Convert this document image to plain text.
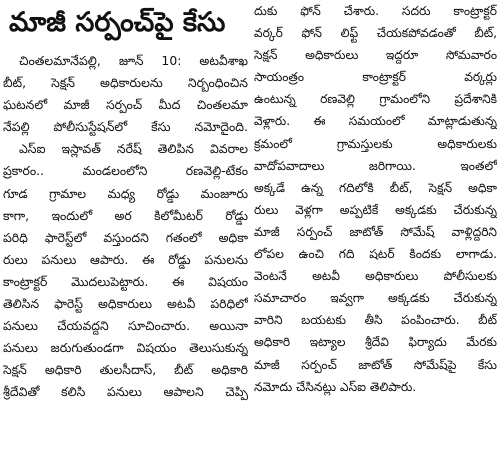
మాజీ సర్పంచ్‌పై కేసు
చింతలమానేపల్లి, జూన్ 10: అటవీశాఖ
బీట్, సెక్షన్ అధికారులను నిర్బంధించిన
ఘటనలో మాజీ సర్పంచ్ మీద చింతలమా
నేపల్లి పోలీసుస్టేషన్‌లో కేసు నమోదైంది.
ఎస్ఐ ఇస్లావత్ నరేష్ తెలిపిన వివరాల
ప్రకారం.. మండలంలోని రణవెల్లి-టేకం
గూడ గ్రామాల మధ్య రోడ్డు మంజూరు
కాగా, ఇందులో అర కిలోమీటర్ రోడ్డు
పరిధి ఫారెస్ట్‌లో వస్తుందని గతంలో అధికా
రులు పనులు ఆపారు. ఈ రోడ్డు పనులను
కాంట్రాక్టర్ మొదలుపెట్టారు. ఈ విషయం
తెలిసిన ఫారెస్ట్ అధికారులు అటవీ పరిధిలో
పనులు చేయవద్దని సూచించారు. అయినా
పనులు జరుగుతుండగా విషయం తెలుసుకున్న
సెక్షన్ అధికారి తులసీదాస్, బీట్ అధికారి
శ్రీదేవితో కలిసి పనులు ఆపాలని చెప్పి
దుకు ఫోన్ చేశారు. సదరు కాంట్రాక్టర్
వర్కర్ ఫోన్ లిఫ్ట్ చేయకపోవడంతో బీట్,
సెక్షన్ అధికారులు ఇద్దరూ సోమవారం
సాయంత్రం కాంట్రాక్టర్ వర్కర్లు
ఉంటున్న రణవెల్లి గ్రామంలోని ప్రదేశానికి
వెళ్లారు. ఈ సమయంలో మాట్లాడుతున్న
క్రమంలో గ్రామస్తులకు అధికారులకు
వాదోపవాదాలు జరిగాయి. ఇంతలో
అక్కడే ఉన్న గదిలోకి బీట్, సెక్షన్ అధికా
రులు వెళ్లగా అప్పటికే అక్కడకు చేరుకున్న
మాజీ సర్పంచ్ జాటోత్ సోమేష్ వాళ్లిద్దరిని
లోపల ఉంచి గది షటర్ కిందకు లాగాడు.
వెంటనే అటవీ అధికారులు పోలీసులకు
సమాచారం ఇవ్వగా అక్కడకు చేరుకున్న
వారిని బయటకు తీసి పంపించారు. బీట్
అధికారి ఇట్యాల శ్రీదేవి ఫిర్యాదు మేరకు
మాజీ సర్పంచ్ జాటోత్ సోమేష్‌పై కేసు
నమోదు చేసినట్లు ఎస్ఐ తెలిపారు.
